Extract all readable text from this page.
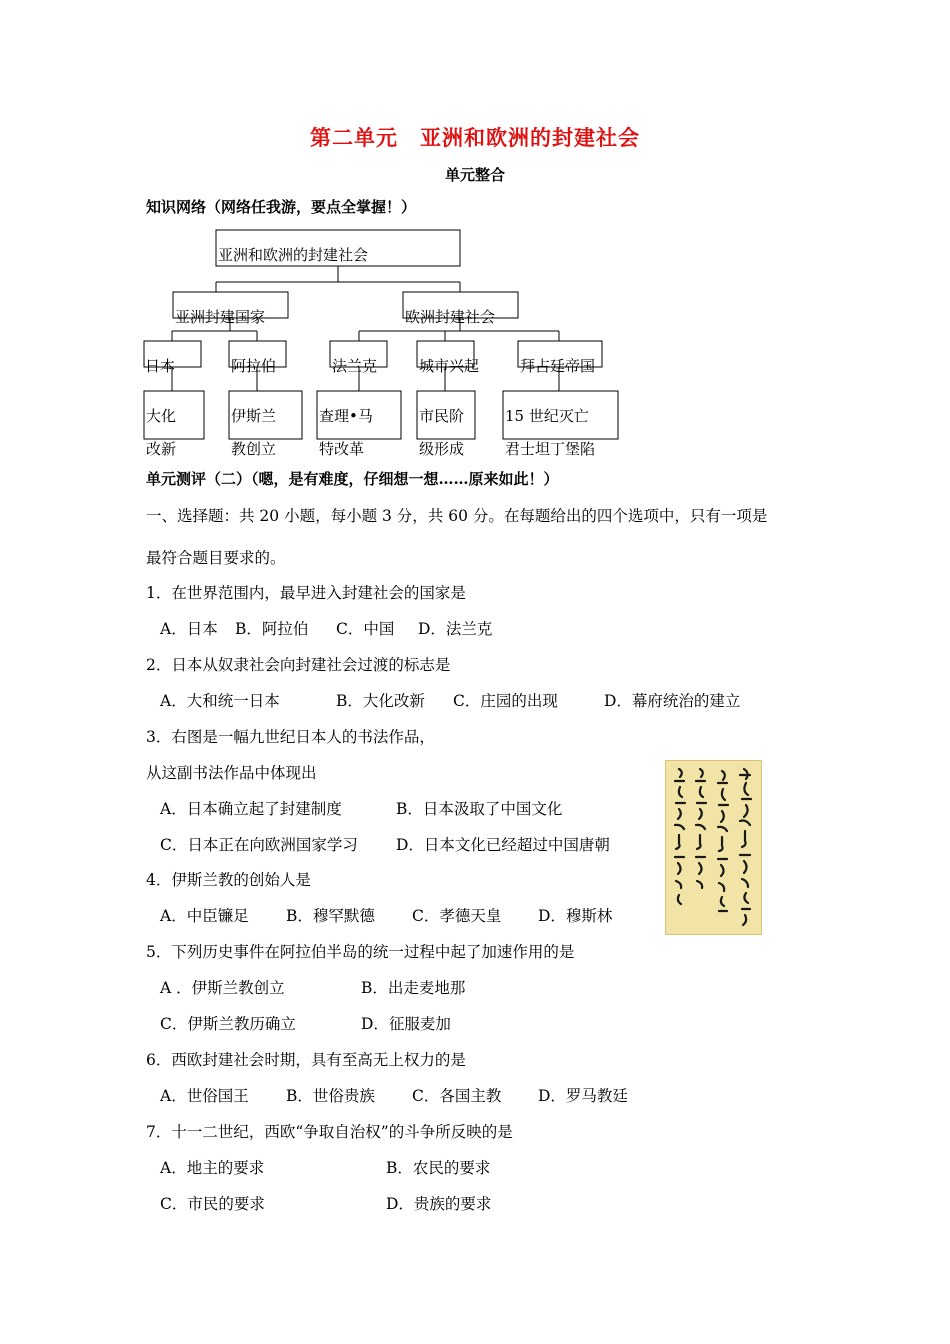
第二单元　亚洲和欧洲的封建社会
单元整合
知识网络（网络任我游，要点全掌握！）
亚洲和欧洲的封建社会
亚洲封建国家	欧洲封建社会
日本	阿拉伯	法兰克	城市兴起	拜占廷帝国
大化
改新
伊斯兰
教创立
查理•马
特改革
市民阶
级形成
15 世纪灭亡
君士坦丁堡陷
单元测评（二）（嗯，是有难度，仔细想一想……原来如此！）
一、选择题：共 20 小题，每小题 3 分，共 60 分。在每题给出的四个选项中，只有一项是
最符合题目要求的。
1．在世界范围内，最早进入封建社会的国家是
A．日本 B．阿拉伯 C．中国 D．法兰克
2．日本从奴隶社会向封建社会过渡的标志是
A．大和统一日本	B．大化改新 C．庄园的出现	D．幕府统治的建立
3．右图是一幅九世纪日本人的书法作品，
从这副书法作品中体现出
A．日本确立起了封建制度	B．日本汲取了中国文化
C．日本正在向欧洲国家学习 D．日本文化已经超过中国唐朝
4．伊斯兰教的创始人是
A．中臣镰足 B．穆罕默德 C．孝德天皇 D．穆斯林
5．下列历史事件在阿拉伯半岛的统一过程中起了加速作用的是
A ．伊斯兰教创立	B．出走麦地那
C．伊斯兰教历确立	D．征服麦加
6．西欧封建社会时期，具有至高无上权力的是
A．世俗国王 B．世俗贵族 C．各国主教 D．罗马教廷
7．十一二世纪，西欧“争取自治权”的斗争所反映的是
A．地主的要求	B．农民的要求
C．市民的要求	D．贵族的要求
